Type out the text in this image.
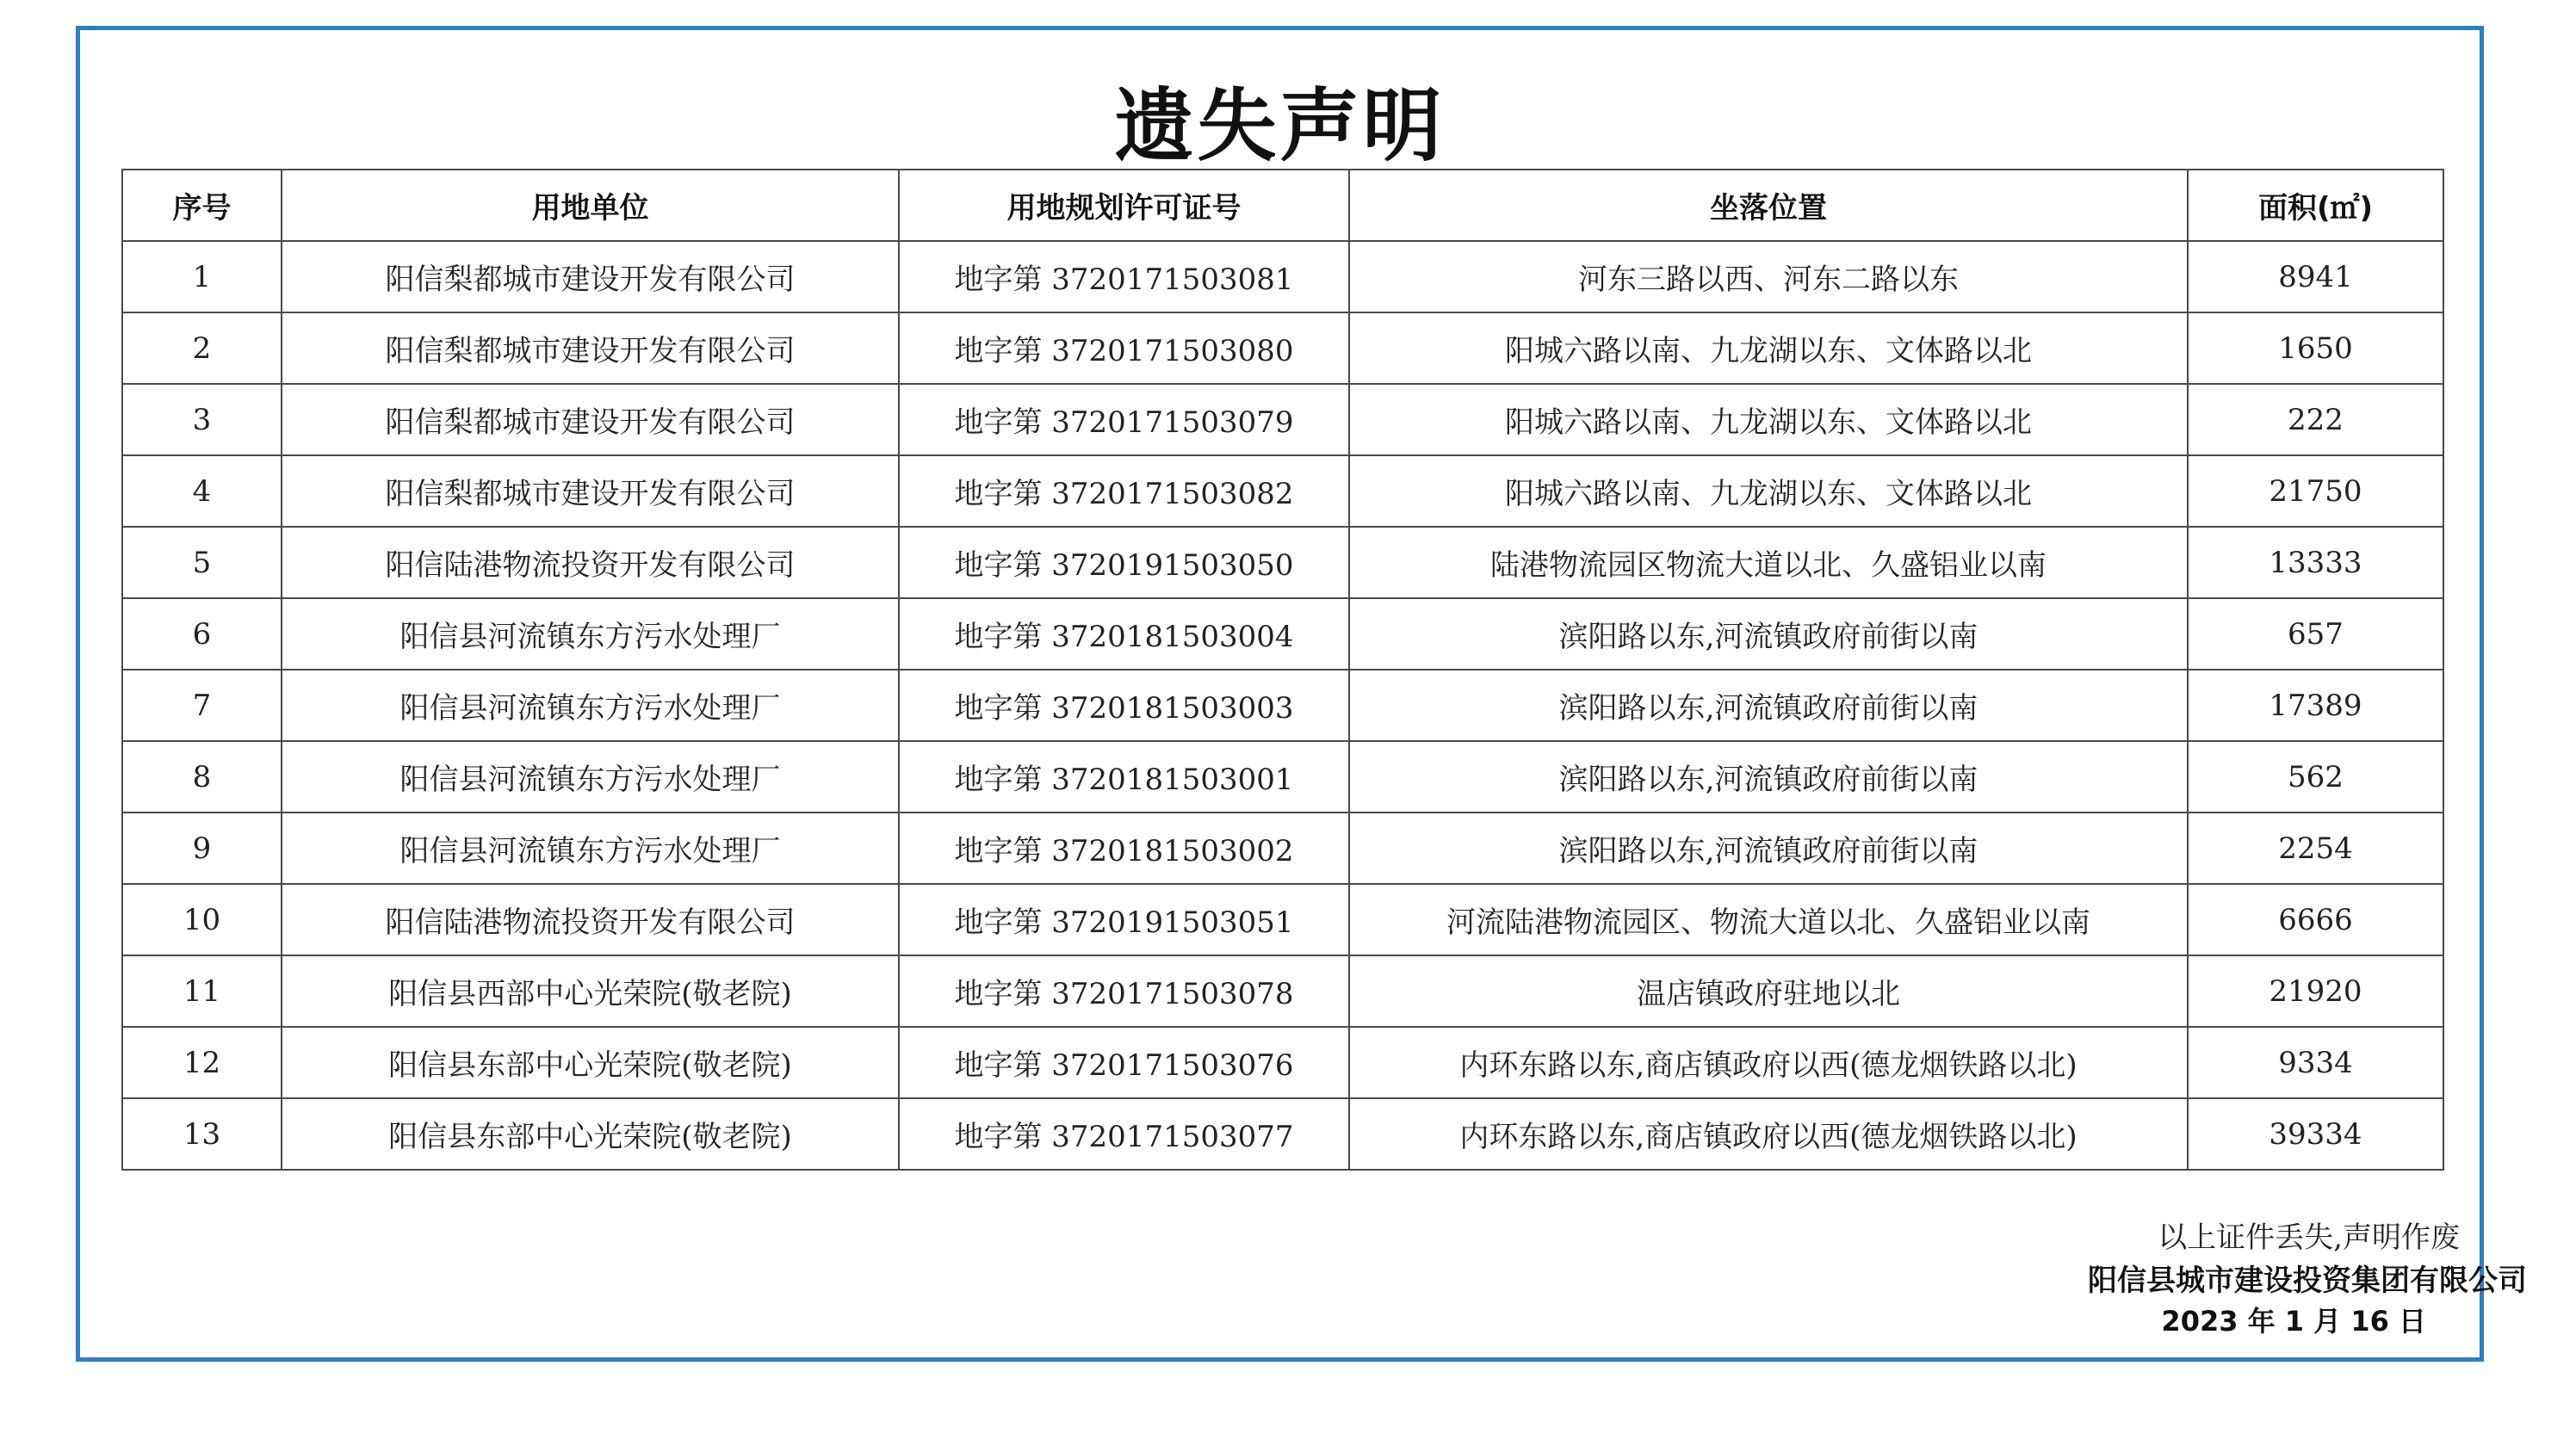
遗失声明
序号	用地单位	用地规划许可证号	坐落位置	面积(㎡)
1	阳信梨都城市建设开发有限公司	地字第 3720171503081	河东三路以西、河东二路以东	8941
2	阳信梨都城市建设开发有限公司	地字第 3720171503080	阳城六路以南、九龙湖以东、文体路以北	1650
3	阳信梨都城市建设开发有限公司	地字第 3720171503079	阳城六路以南、九龙湖以东、文体路以北	222
4	阳信梨都城市建设开发有限公司	地字第 3720171503082	阳城六路以南、九龙湖以东、文体路以北	21750
5	阳信陆港物流投资开发有限公司	地字第 3720191503050	陆港物流园区物流大道以北、久盛铝业以南	13333
6	阳信县河流镇东方污水处理厂	地字第 3720181503004	滨阳路以东,河流镇政府前街以南	657
7	阳信县河流镇东方污水处理厂	地字第 3720181503003	滨阳路以东,河流镇政府前街以南	17389
8	阳信县河流镇东方污水处理厂	地字第 3720181503001	滨阳路以东,河流镇政府前街以南	562
9	阳信县河流镇东方污水处理厂	地字第 3720181503002	滨阳路以东,河流镇政府前街以南	2254
10	阳信陆港物流投资开发有限公司	地字第 3720191503051	河流陆港物流园区、物流大道以北、久盛铝业以南	6666
11	阳信县西部中心光荣院(敬老院)	地字第 3720171503078	温店镇政府驻地以北	21920
12	阳信县东部中心光荣院(敬老院)	地字第 3720171503076	内环东路以东,商店镇政府以西(德龙烟铁路以北)	9334
13	阳信县东部中心光荣院(敬老院)	地字第 3720171503077	内环东路以东,商店镇政府以西(德龙烟铁路以北)	39334
以上证件丢失,声明作废
阳信县城市建设投资集团有限公司
2023 年 1 月 16 日
